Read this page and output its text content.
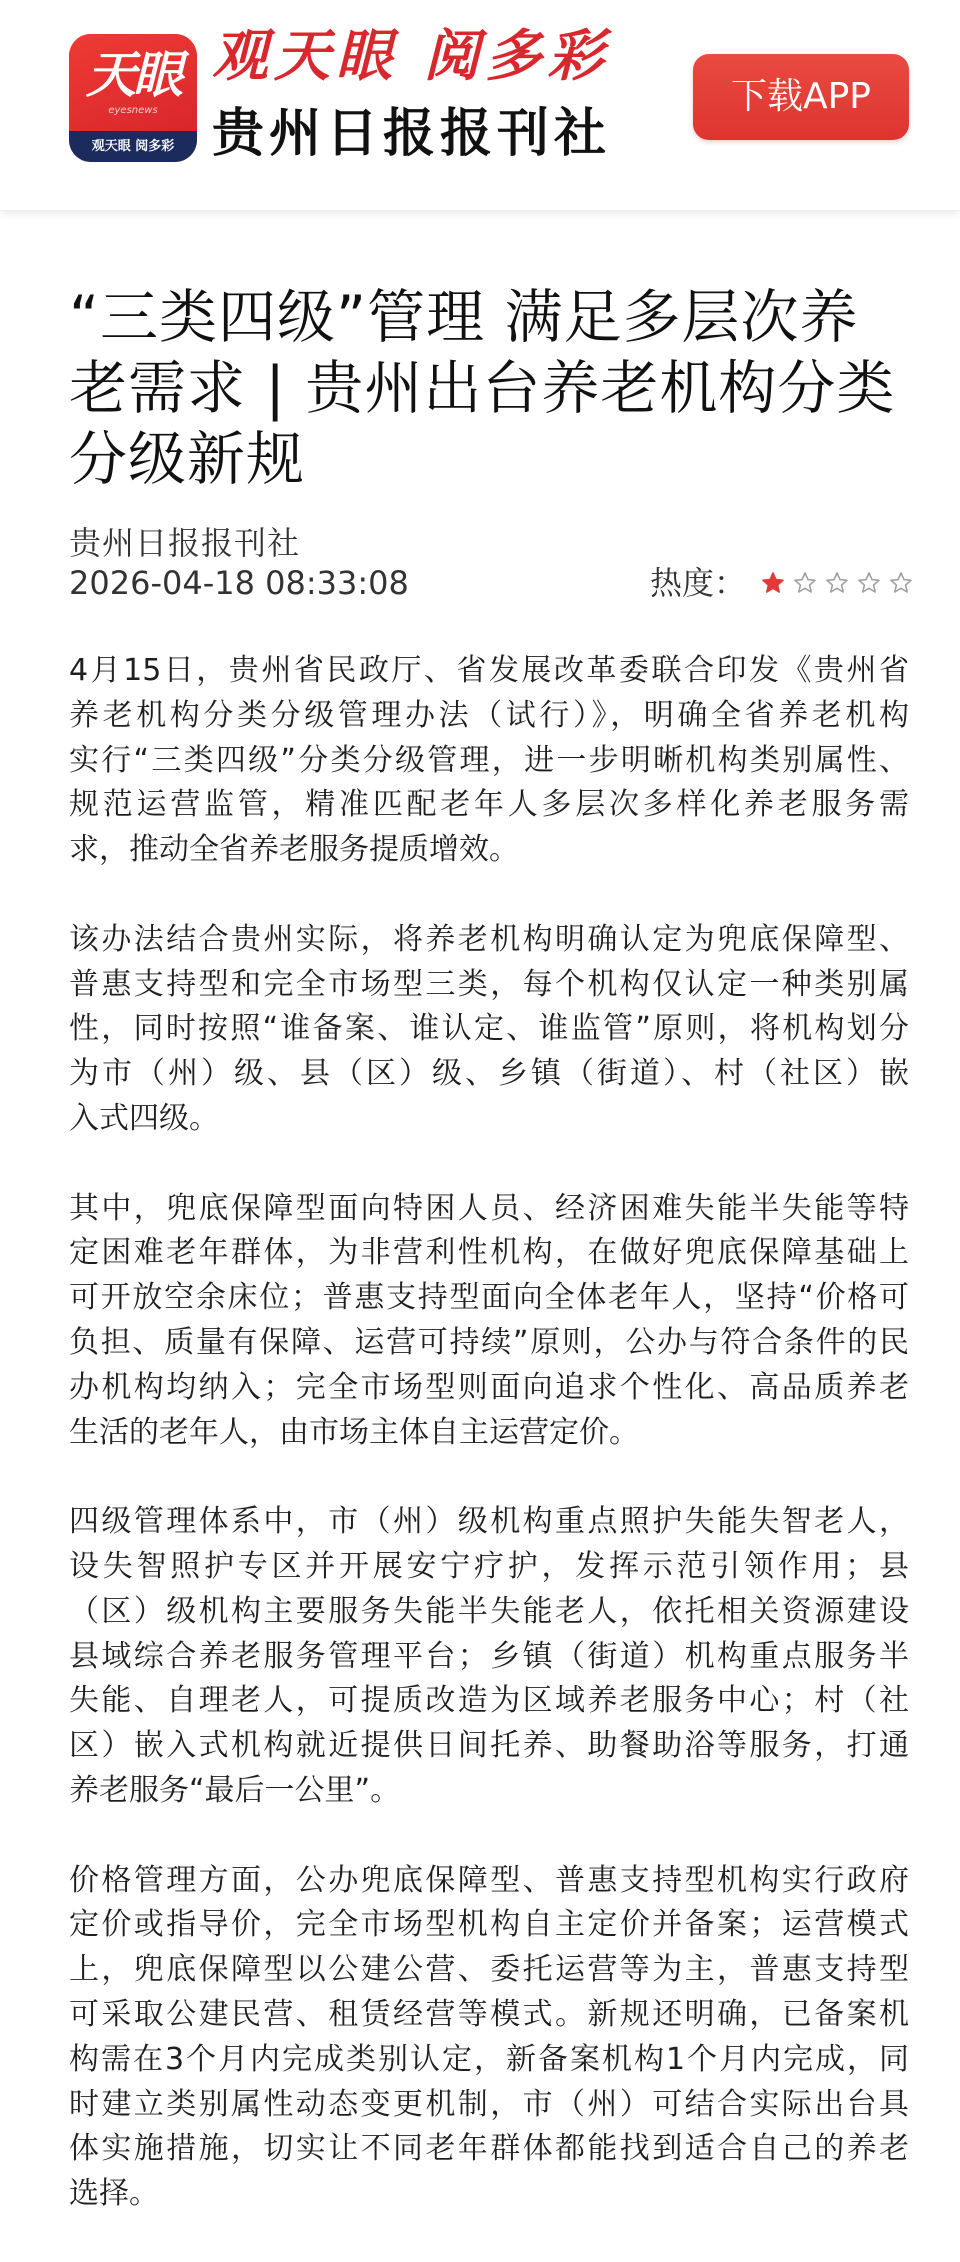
天眼
eyesnews
观天眼 阅多彩
观天眼 阅多彩
贵州日报报刊社
下载APP
“三类四级”管理 满足多层次养
老需求 | 贵州出台养老机构分类
分级新规
贵州日报报刊社
2026-04-18 08:33:08	热度：
4月15日，贵州省民政厅、省发展改革委联合印发《贵州省
养老机构分类分级管理办法（试行）》，明确全省养老机构
实行“三类四级”分类分级管理，进一步明晰机构类别属性、
规范运营监管，精准匹配老年人多层次多样化养老服务需
求，推动全省养老服务提质增效。
该办法结合贵州实际，将养老机构明确认定为兜底保障型、
普惠支持型和完全市场型三类，每个机构仅认定一种类别属
性，同时按照“谁备案、谁认定、谁监管”原则，将机构划分
为市（州）级、县（区）级、乡镇（街道）、村（社区）嵌
入式四级。
其中，兜底保障型面向特困人员、经济困难失能半失能等特
定困难老年群体，为非营利性机构，在做好兜底保障基础上
可开放空余床位；普惠支持型面向全体老年人，坚持“价格可
负担、质量有保障、运营可持续”原则，公办与符合条件的民
办机构均纳入；完全市场型则面向追求个性化、高品质养老
生活的老年人，由市场主体自主运营定价。
四级管理体系中，市（州）级机构重点照护失能失智老人，
设失智照护专区并开展安宁疗护，发挥示范引领作用；县
（区）级机构主要服务失能半失能老人，依托相关资源建设
县域综合养老服务管理平台；乡镇（街道）机构重点服务半
失能、自理老人，可提质改造为区域养老服务中心；村（社
区）嵌入式机构就近提供日间托养、助餐助浴等服务，打通
养老服务“最后一公里”。
价格管理方面，公办兜底保障型、普惠支持型机构实行政府
定价或指导价，完全市场型机构自主定价并备案；运营模式
上，兜底保障型以公建公营、委托运营等为主，普惠支持型
可采取公建民营、租赁经营等模式。新规还明确，已备案机
构需在3个月内完成类别认定，新备案机构1个月内完成，同
时建立类别属性动态变更机制，市（州）可结合实际出台具
体实施措施，切实让不同老年群体都能找到适合自己的养老
选择。
